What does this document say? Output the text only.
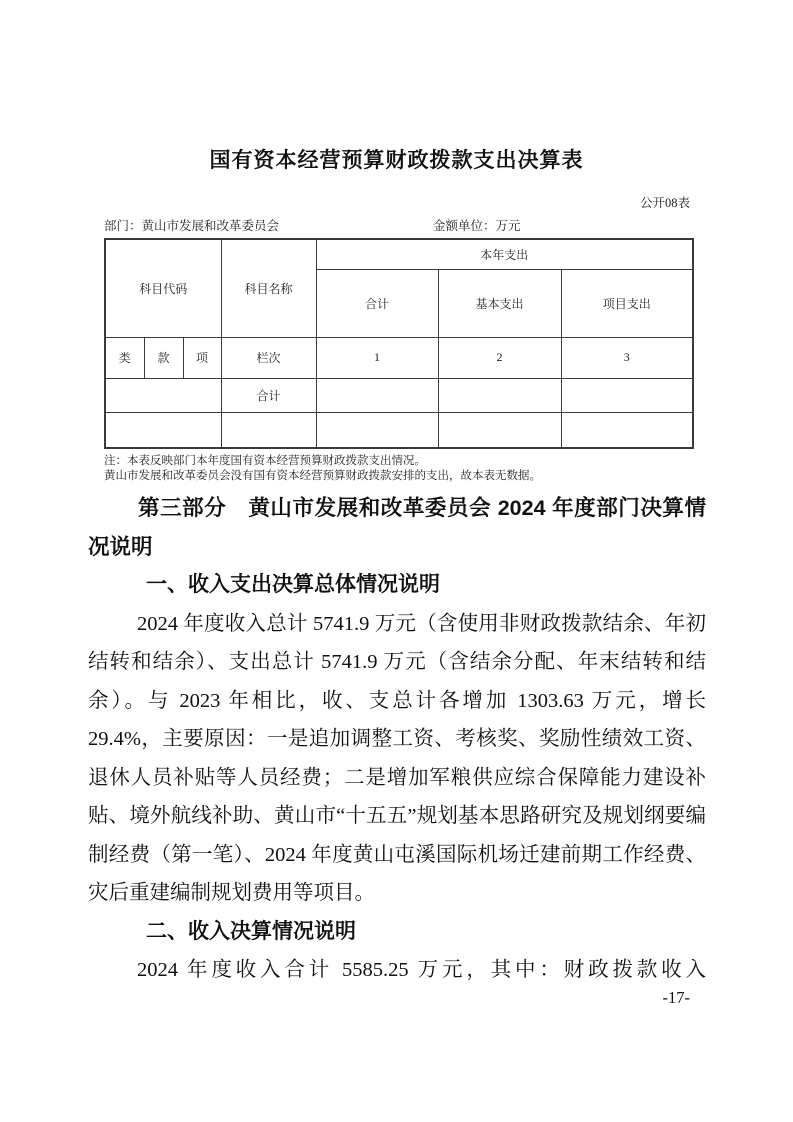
国有资本经营预算财政拨款支出决算表
公开08表
部门：黄山市发展和改革委员会	金额单位：万元
科目代码			科目名称	本年支出		
				合计	基本支出	项目支出
类	款	项	栏次	1	2	3
			合计			

注：本表反映部门本年度国有资本经营预算财政拨款支出情况。
黄山市发展和改革委员会没有国有资本经营预算财政拨款安排的支出，故本表无数据。
第三部分　黄山市发展和改革委员会 2024 年度部门决算情况说明
一、收入支出决算总体情况说明
2024 年度收入总计 5741.9 万元（含使用非财政拨款结余、年初结转和结余）、支出总计 5741.9 万元（含结余分配、年末结转和结余）。与 2023 年相比，收、支总计各增加 1303.63 万元，增长 29.4%，主要原因：一是追加调整工资、考核奖、奖励性绩效工资、退休人员补贴等人员经费；二是增加军粮供应综合保障能力建设补贴、境外航线补助、黄山市“十五五”规划基本思路研究及规划纲要编制经费（第一笔）、2024 年度黄山屯溪国际机场迁建前期工作经费、灾后重建编制规划费用等项目。
二、收入决算情况说明
2024 年度收入合计 5585.25 万元，其中：财政拨款收入
-17-
